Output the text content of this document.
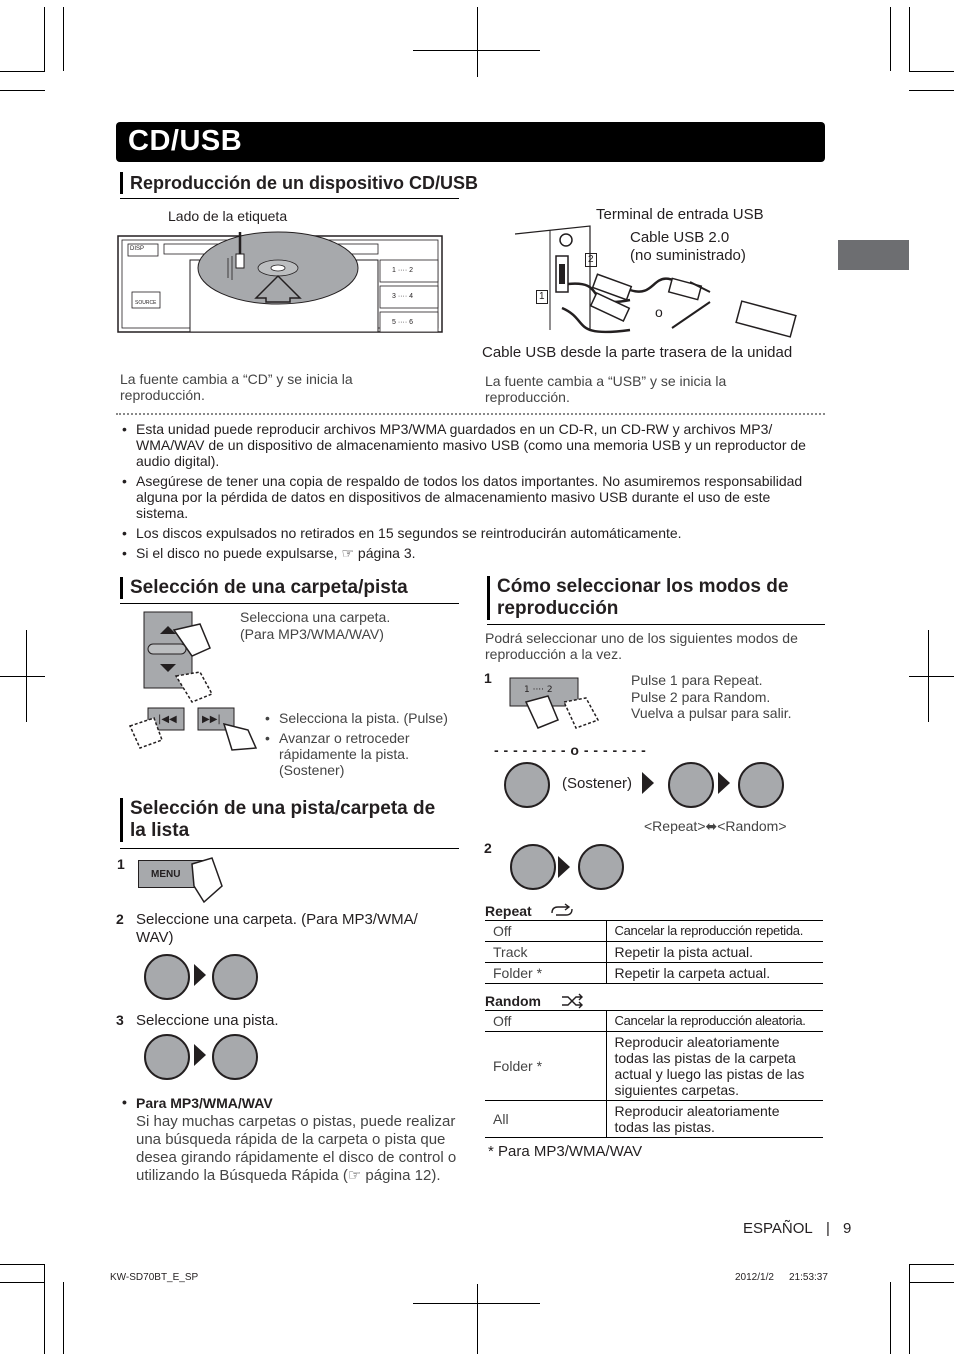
CD/USB
Reproducción de un dispositivo CD/USB
Lado de la etiqueta
DISP
SOURCE
1 ···· 2
3 ···· 4
5 ···· 6
Terminal de entrada USB
Cable USB 2.0
(no suministrado)
o
1
2
Cable USB desde la parte trasera de la unidad
La fuente cambia a “CD” y se inicia la reproducción.
La fuente cambia a “USB” y se inicia la reproducción.
• Esta unidad puede reproducir archivos MP3/WMA guardados en un CD-R, un CD-RW y archivos MP3/ WMA/WAV de un dispositivo de almacenamiento masivo USB (como una memoria USB y un reproductor de audio digital).
• Asegúrese de tener una copia de respaldo de todos los datos importantes. No asumiremos responsabilidad alguna por la pérdida de datos en dispositivos de almacenamiento masivo USB durante el uso de este sistema.
• Los discos expulsados no retirados en 15 segundos se reintroducirán automáticamente.
• Si el disco no puede expulsarse, ☞ página 3.
Selección de una carpeta/pista
Selecciona una carpeta.
(Para MP3/WMA/WAV)
|◀◀	▶▶|	• Selecciona la pista. (Pulse)
• Avanzar o retroceder rápidamente la pista. (Sostener)
Selección de una pista/carpeta de la lista
1
MENU
2 Seleccione una carpeta. (Para MP3/WMA/ WAV)
3 Seleccione una pista.
• Para MP3/WMA/WAV
Si hay muchas carpetas o pistas, puede realizar una búsqueda rápida de la carpeta o pista que desea girando rápidamente el disco de control o utilizando la Búsqueda Rápida (☞ página 12).
Cómo seleccionar los modos de reproducción
Podrá seleccionar uno de los siguientes modos de reproducción a la vez.
1
1 ···· 2
Pulse 1 para Repeat.
Pulse 2 para Random.
Vuelva a pulsar para salir.
- - - - - - - - o - - - - - - -
(Sostener)
<Repeat>⬌<Random>
2
Repeat
Off	Cancelar la reproducción repetida.
Track	Repetir la pista actual.
Folder *	Repetir la carpeta actual.
Random
Off	Cancelar la reproducción aleatoria.
Folder *	Reproducir aleatoriamente todas las pistas de la carpeta actual y luego las pistas de las siguientes carpetas.
All	Reproducir aleatoriamente todas las pistas.
* Para MP3/WMA/WAV
ESPAÑOL | 9
KW-SD70BT_E_SP	2012/1/2 21:53:37
